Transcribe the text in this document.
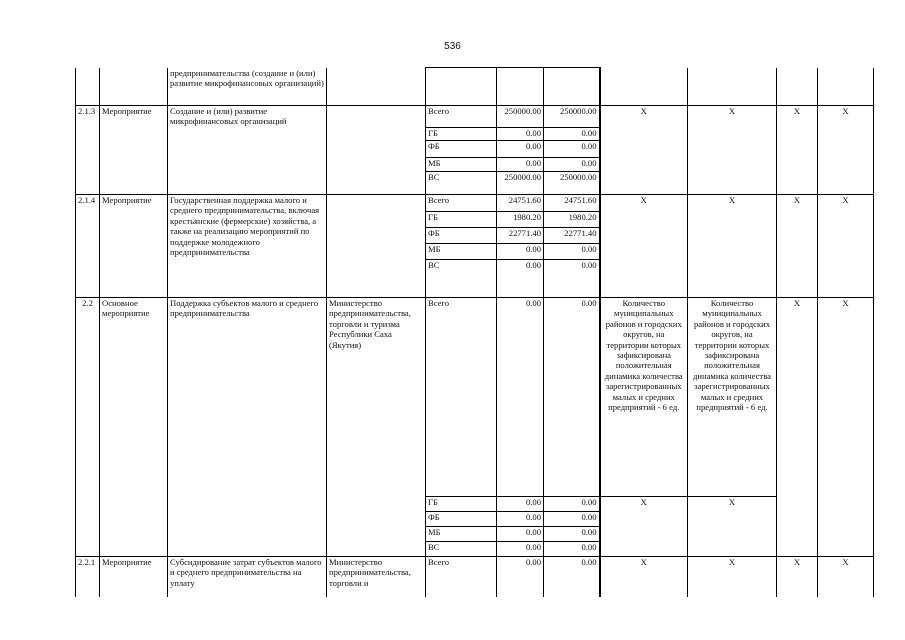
536
		предпринимательства (создание и (или) развитие микрофинансовых организаций)								
2.1.3	Мероприятие	Создание и (или) развитие микрофинансовых организаций		Всего	250000.00	250000.00	Х	Х	Х	Х
				ГБ	0.00	0.00				
				ФБ	0.00	0.00				
				МБ	0.00	0.00				
				ВС	250000.00	250000.00				
2.1.4	Мероприятие	Государственная поддержка малого и среднего предпринимательства, включая крестьянские (фермерские) хозяйства, а также на реализацию мероприятий по поддержке молодежного предпринимательства		Всего	24751.60	24751.60	Х	Х	Х	Х
				ГБ	1980.20	1980.20				
				ФБ	22771.40	22771.40				
				МБ	0.00	0.00				
				ВС	0.00	0.00				
2.2	Основное мероприятие	Поддержка субъектов малого и среднего предпринимательства	Министерство предпринимательства, торговли и туризма Республики Саха (Якутия)	Всего	0.00	0.00	Количество муниципальных районов и городских округов, на территории которых зафиксирована положительная динамика количества зарегистрированных малых и средних предприятий - 6 ед.	Количество муниципальных районов и городских округов, на территории которых зафиксирована положительная динамика количества зарегистрированных малых и средних предприятий - 6 ед.	Х	Х
				ГБ	0.00	0.00	Х	Х		
				ФБ	0.00	0.00				
				МБ	0.00	0.00				
				ВС	0.00	0.00				
2.2.1	Мероприятие	Субсидирование затрат субъектов малого и среднего предпринимательства на уплату	Министерство предпринимательства, торговли и	Всего	0.00	0.00	Х	Х	Х	Х
